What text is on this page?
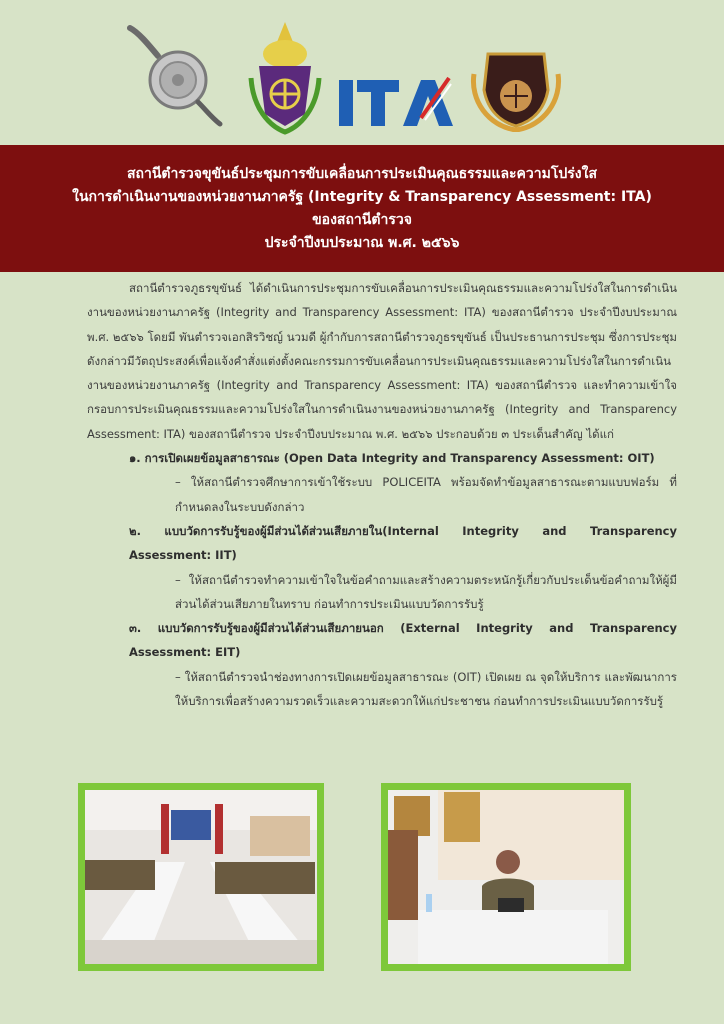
สถานีตำรวจขุขันธ์ประชุมการขับเคลื่อนการประเมินคุณธรรมและความโปร่งใส
ในการดำเนินงานของหน่วยงานภาครัฐ (Integrity & Transparency Assessment: ITA)
ของสถานีตำรวจ
ประจำปีงบประมาณ พ.ศ. ๒๕๖๖

สถานีตำรวจภูธรขุขันธ์ ได้ดำเนินการประชุมการขับเคลื่อนการประเมินคุณธรรมและความโปร่งใสในการดำเนินงานของหน่วยงานภาครัฐ (Integrity and Transparency Assessment: ITA) ของสถานีตำรวจ ประจำปีงบประมาณ พ.ศ. ๒๕๖๖ โดยมี พันตำรวจเอกสิรวิชญ์ นวมดี ผู้กำกับการสถานีตำรวจภูธรขุขันธ์ เป็นประธานการประชุม ซึ่งการประชุมดังกล่าวมีวัตถุประสงค์เพื่อแจ้งคำสั่งแต่งตั้งคณะกรรมการขับเคลื่อนการประเมินคุณธรรมและความโปร่งใสในการดำเนินงานของหน่วยงานภาครัฐ (Integrity and Transparency Assessment: ITA) ของสถานีตำรวจ และทำความเข้าใจ กรอบการประเมินคุณธรรมและความโปร่งใสในการดำเนินงานของหน่วยงานภาครัฐ (Integrity and Transparency Assessment: ITA) ของสถานีตำรวจ ประจำปีงบประมาณ พ.ศ. ๒๕๖๖ ประกอบด้วย ๓ ประเด็นสำคัญ ได้แก่

๑. การเปิดเผยข้อมูลสาธารณะ (Open Data Integrity and Transparency Assessment: OIT)

– ให้สถานีตำรวจศึกษาการเข้าใช้ระบบ POLICEITA พร้อมจัดทำข้อมูลสาธารณะตามแบบฟอร์ม ที่กำหนดลงในระบบดังกล่าว

๒. แบบวัดการรับรู้ของผู้มีส่วนได้ส่วนเสียภายใน(Internal Integrity and Transparency Assessment: IIT)

– ให้สถานีตำรวจทำความเข้าใจในข้อคำถามและสร้างความตระหนักรู้เกี่ยวกับประเด็นข้อคำถามให้ผู้มีส่วนได้ส่วนเสียภายในทราบ ก่อนทำการประเมินแบบวัดการรับรู้

๓. แบบวัดการรับรู้ของผู้มีส่วนได้ส่วนเสียภายนอก (External Integrity and Transparency Assessment: EIT)

– ให้สถานีตำรวจนำช่องทางการเปิดเผยข้อมูลสาธารณะ (OIT) เปิดเผย ณ จุดให้บริการ และพัฒนาการให้บริการเพื่อสร้างความรวดเร็วและความสะดวกให้แก่ประชาชน ก่อนทำการประเมินแบบวัดการรับรู้
